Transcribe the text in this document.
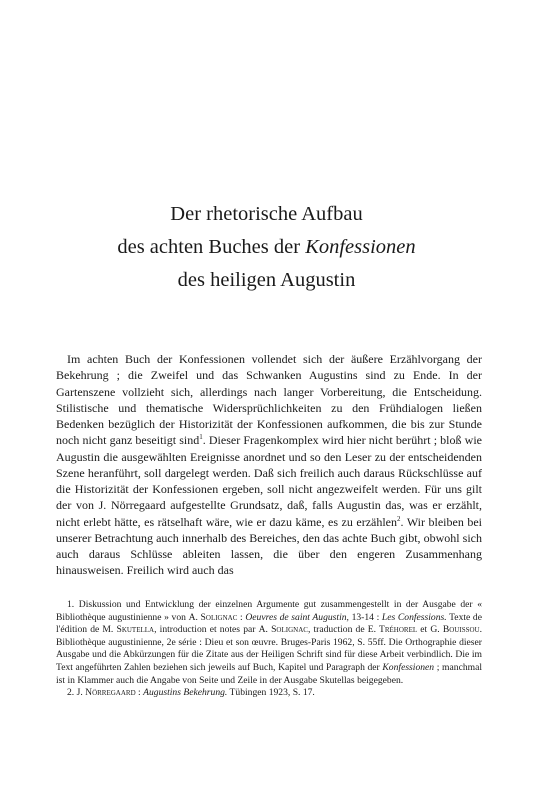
Der rhetorische Aufbau
des achten Buches der Konfessionen
des heiligen Augustin

Im achten Buch der Konfessionen vollendet sich der äußere Erzählvorgang der Bekehrung ; die Zweifel und das Schwanken Augustins sind zu Ende. In der Gartenszene vollzieht sich, allerdings nach langer Vorbereitung, die Entscheidung. Stilistische und thematische Widersprüchlichkeiten zu den Frühdialogen ließen Bedenken bezüglich der Historizität der Konfessionen aufkommen, die bis zur Stunde noch nicht ganz beseitigt sind$^1$. Dieser Fragenkomplex wird hier nicht berührt ; bloß wie Augustin die ausgewählten Ereignisse anordnet und so den Leser zu der entscheidenden Szene heranführt, soll dargelegt werden. Daß sich freilich auch daraus Rückschlüsse auf die Historizität der Konfessionen ergeben, soll nicht angezweifelt werden. Für uns gilt der von J. Nörregaard aufgestellte Grundsatz, daß, falls Augustin das, was er erzählt, nicht erlebt hätte, es rätselhaft wäre, wie er dazu käme, es zu erzählen$^2$. Wir bleiben bei unserer Betrachtung auch innerhalb des Bereiches, den das achte Buch gibt, obwohl sich auch daraus Schlüsse ableiten lassen, die über den engeren Zusammenhang hinausweisen. Freilich wird auch das

1. Diskussion und Entwicklung der einzelnen Argumente gut zusammengestellt in der Ausgabe der « Bibliothèque augustinienne » von A. Solignac : Oeuvres de saint Augustin, 13-14 : Les Confessions. Texte de l'édition de M. Skutella, introduction et notes par A. Solignac, traduction de E. Tréhorel et G. Bouissou. Bibliothèque augustinienne, 2e série : Dieu et son œuvre. Bruges-Paris 1962, S. 55ff. Die Orthographie dieser Ausgabe und die Abkürzungen für die Zitate aus der Heiligen Schrift sind für diese Arbeit verbindlich. Die im Text angeführten Zahlen beziehen sich jeweils auf Buch, Kapitel und Paragraph der Konfessionen ; manchmal ist in Klammer auch die Angabe von Seite und Zeile in der Ausgabe Skutellas beigegeben.

2. J. Nörregaard : Augustins Bekehrung. Tübingen 1923, S. 17.
